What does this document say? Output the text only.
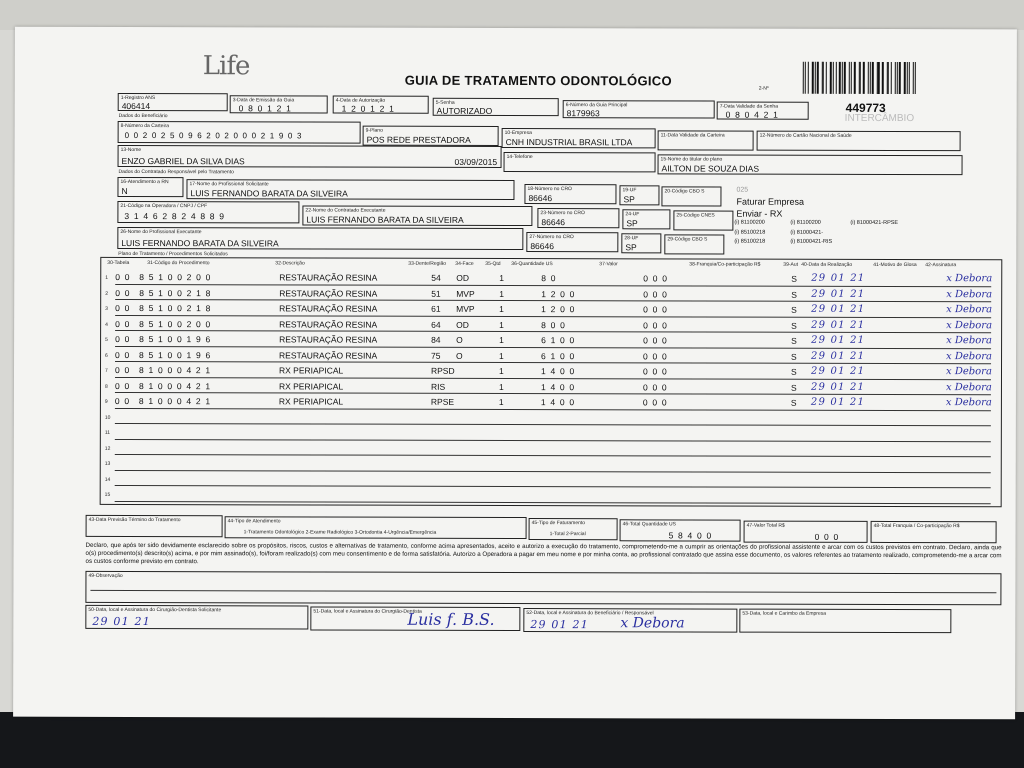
Life	GUIA DE TRATAMENTO ODONTOLÓGICO
2-Nº
449773
INTERCÂMBIO
1-Registro ANS
406414
3-Data de Emissão da Guia
0 8 0 1 2 1
4-Data de Autorização
1 2 0 1 2 1
5-Senha
AUTORIZADO
6-Número da Guia Principal
8179963
7-Data Validade da Senha
0 8 0 4 2 1
Dados do Beneficiário
8-Número da Carteira
0 0 2 0 2 5 0 9 6 2 0 2 0 0 0 2 1 9 0 3
9-Plano
POS REDE PRESTADORA
10-Empresa
CNH INDUSTRIAL BRASIL LTDA
11-Data Validade da Carteira	12-Número do Cartão Nacional de Saúde
13-Nome
ENZO GABRIEL DA SILVA DIAS	03/09/2015 14-Telefone	15-Nome do titular do plano
AILTON DE SOUZA DIAS
Dados do Contratado Responsável pelo Tratamento
16-Atendimento a RN
N
17-Nome do Profissional Solicitante
LUIS FERNANDO BARATA DA SILVEIRA	18-Número no CRO
86646
19-UF
SP
20-Código CBO S
21-Código na Operadora / CNPJ / CPF
3 1 4 6 2 8 2 4 8 8 9
22-Nome do Contratado Executante
LUIS FERNANDO BARATA DA SILVEIRA
23-Número no CRO
86646
24-UF
SP
25-Código CNES
26-Nome do Profissional Executante
LUIS FERNANDO BARATA DA SILVEIRA
27-Número no CRO
86646
28-UF
SP
29-Código CBO S
025
Faturar Empresa
Enviar - RX
(i) 81100200	(i) 81100200	(i) 81000421-RPSE
(i) 85100218	(i) 81000421-
(i) 85100218	(i) 81000421-RIS
Plano de Tratamento / Procedimentos Solicitados
30-Tabela	31-Código do Procedimento	32-Descrição	33-Dente/Região 34-Face 35-Qtd 36-Quantidade US	37-Valor	38-Franquia/Co-participação R$	39-Aut 40-Data da Realização	41-Motivo de Glosa 42-Assinatura
1 0 0 8 5 1 0 0 2 0 0	RESTAURAÇÃO RESINA	54 OD	1	8 0	0 0 0	S 29 01 21	x Debora
2 0 0 8 5 1 0 0 2 1 8	RESTAURAÇÃO RESINA	51 MVP	1	1 2 0 0	0 0 0	S 29 01 21	x Debora
3 0 0 8 5 1 0 0 2 1 8	RESTAURAÇÃO RESINA	61 MVP	1	1 2 0 0	0 0 0	S 29 01 21	x Debora
4 0 0 8 5 1 0 0 2 0 0	RESTAURAÇÃO RESINA	64 OD	1	8 0 0	0 0 0	S 29 01 21	x Debora
5 0 0 8 5 1 0 0 1 9 6	RESTAURAÇÃO RESINA	84 O	1	6 1 0 0	0 0 0	S 29 01 21	x Debora
6 0 0 8 5 1 0 0 1 9 6	RESTAURAÇÃO RESINA	75 O	1	6 1 0 0	0 0 0	S 29 01 21	x Debora
7 0 0 8 1 0 0 0 4 2 1	RX PERIAPICAL	RPSD	1	1 4 0 0	0 0 0	S 29 01 21	x Debora
8 0 0 8 1 0 0 0 4 2 1	RX PERIAPICAL	RIS	1	1 4 0 0	0 0 0	S 29 01 21	x Debora
9 0 0 8 1 0 0 0 4 2 1	RX PERIAPICAL	RPSE	1	1 4 0 0	0 0 0	S 29 01 21	x Debora
10
11
12
13
14
15
43-Data Previsão Término do Tratamento	44-Tipo de Atendimento
1-Tratamento Odontológico 2-Exame Radiológico 3-Ortodontia 4-Urgência/Emergência
45-Tipo de Faturamento
1-Total 2-Parcial
46-Total Quantidade US
5 8 4 0 0
47-Valor Total R$
0 0 0
48-Total Franquia / Co-participação R$
Declaro, que após ter sido devidamente esclarecido sobre os propósitos, riscos, custos e alternativas de tratamento, conforme acima apresentados, aceito e autorizo a execução do tratamento, comprometendo-me a cumprir as orientações do profissional assistente e arcar com os custos previstos em contrato. Declaro, ainda que o(s) procedimento(s) descrito(s) acima, e por mim assinado(s), foi/foram realizado(s) com meu consentimento e de forma satisfatória. Autorizo a Operadora a pagar em meu nome e por minha conta, ao profissional contratado que assina esse documento, os valores referentes ao tratamento realizado, comprometendo-me a arcar com os custos conforme previsto em contrato.
49-Observação
50-Data, local e Assinatura do Cirurgião-Dentista Solicitante
29 01 21
51-Data, local e Assinatura do Cirurgião-Dentista
Luis f. B.S.	52-Data, local e Assinatura do Beneficiário / Responsável
29 01 21 x Debora
53-Data, local e Carimbo da Empresa
